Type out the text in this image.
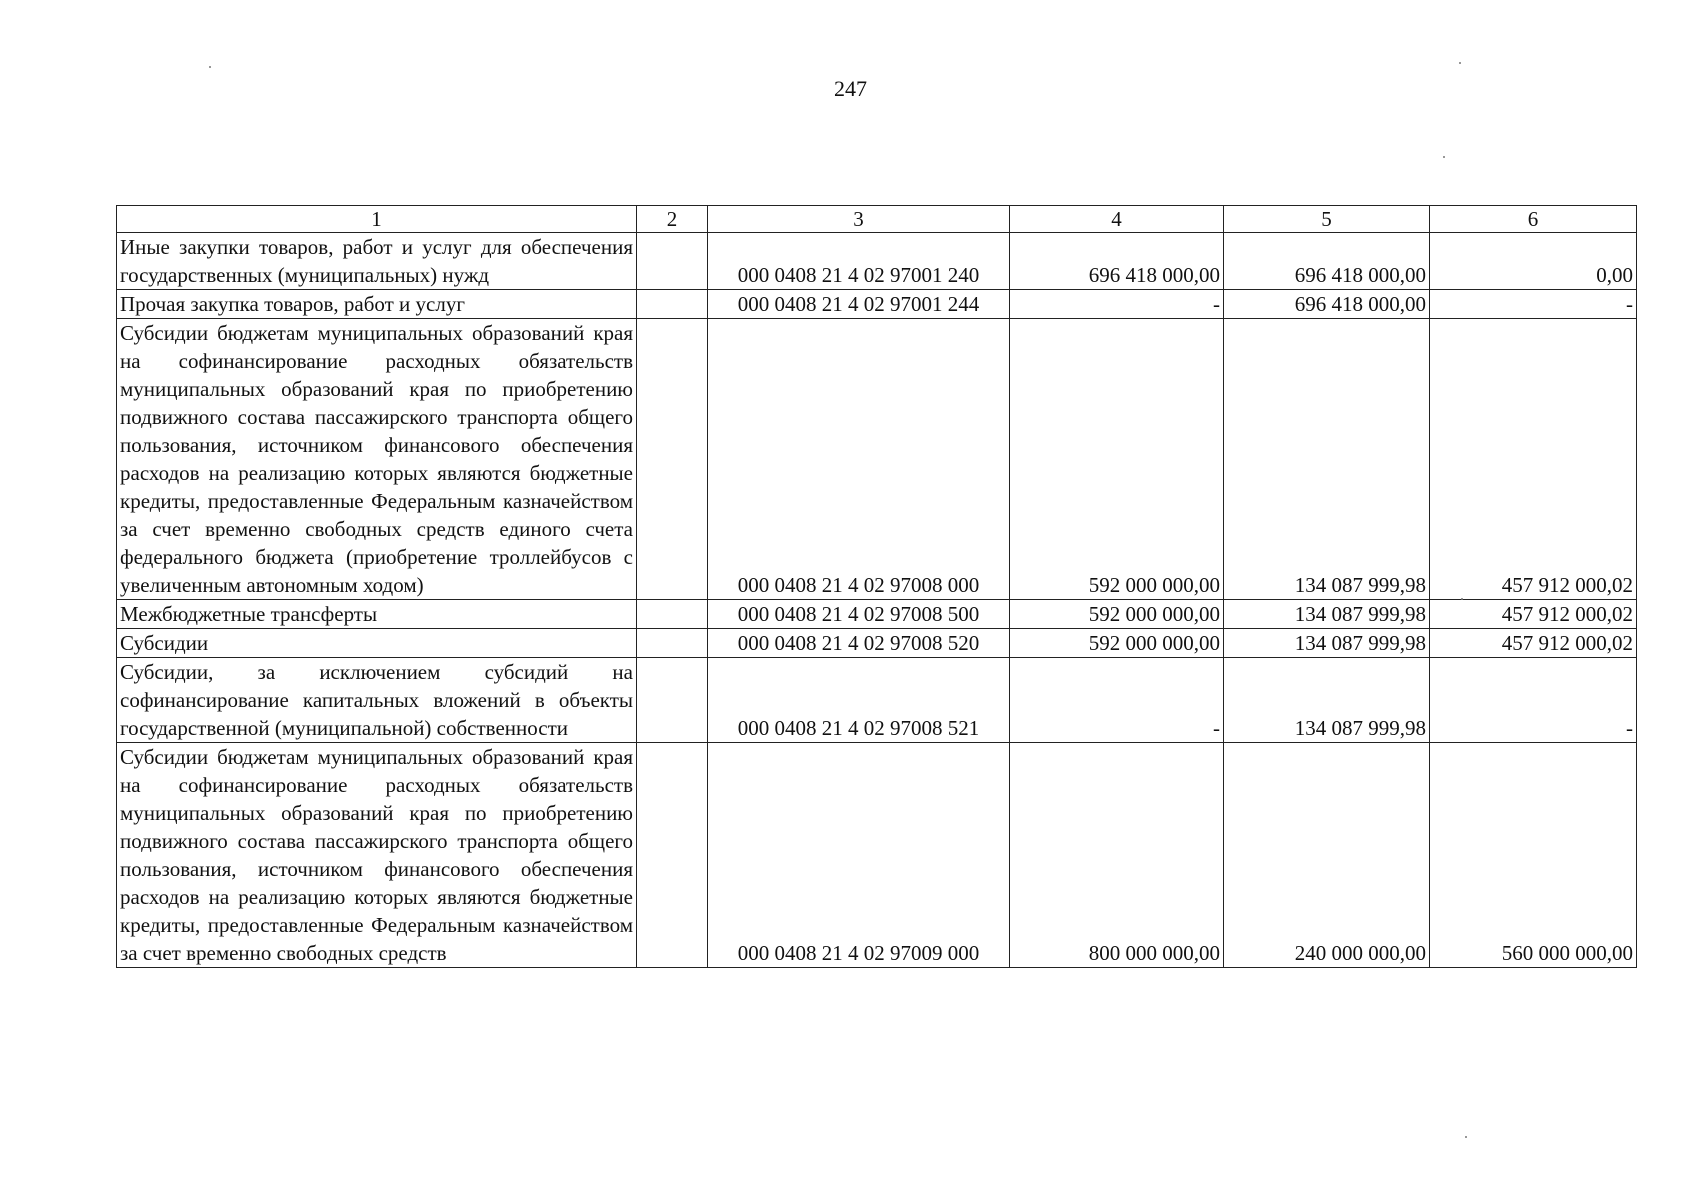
247
1	2	3	4	5	6
Иные закупки товаров, работ и услуг для обеспечения государственных (муниципальных) нужд		000 0408 21 4 02 97001 240	696 418 000,00	696 418 000,00	0,00
Прочая закупка товаров, работ и услуг		000 0408 21 4 02 97001 244	-	696 418 000,00	-
Субсидии бюджетам муниципальных образований края на софинансирование расходных обязательств муниципальных образований края по приобретению подвижного состава пассажирского транспорта общего пользования, источником финансового обеспечения расходов на реализацию которых являются бюджетные кредиты, предоставленные Федеральным казначейством за счет временно свободных средств единого счета федерального бюджета (приобретение троллейбусов с увеличенным автономным ходом)		000 0408 21 4 02 97008 000	592 000 000,00	134 087 999,98	457 912 000,02
Межбюджетные трансферты		000 0408 21 4 02 97008 500	592 000 000,00	134 087 999,98	457 912 000,02
Субсидии		000 0408 21 4 02 97008 520	592 000 000,00	134 087 999,98	457 912 000,02
Субсидии, за исключением субсидий на софинансирование капитальных вложений в объекты государственной (муниципальной) собственности		000 0408 21 4 02 97008 521	-	134 087 999,98	-
Субсидии бюджетам муниципальных образований края на софинансирование расходных обязательств муниципальных образований края по приобретению подвижного состава пассажирского транспорта общего пользования, источником финансового обеспечения расходов на реализацию которых являются бюджетные кредиты, предоставленные Федеральным казначейством за счет временно свободных средств		000 0408 21 4 02 97009 000	800 000 000,00	240 000 000,00	560 000 000,00
